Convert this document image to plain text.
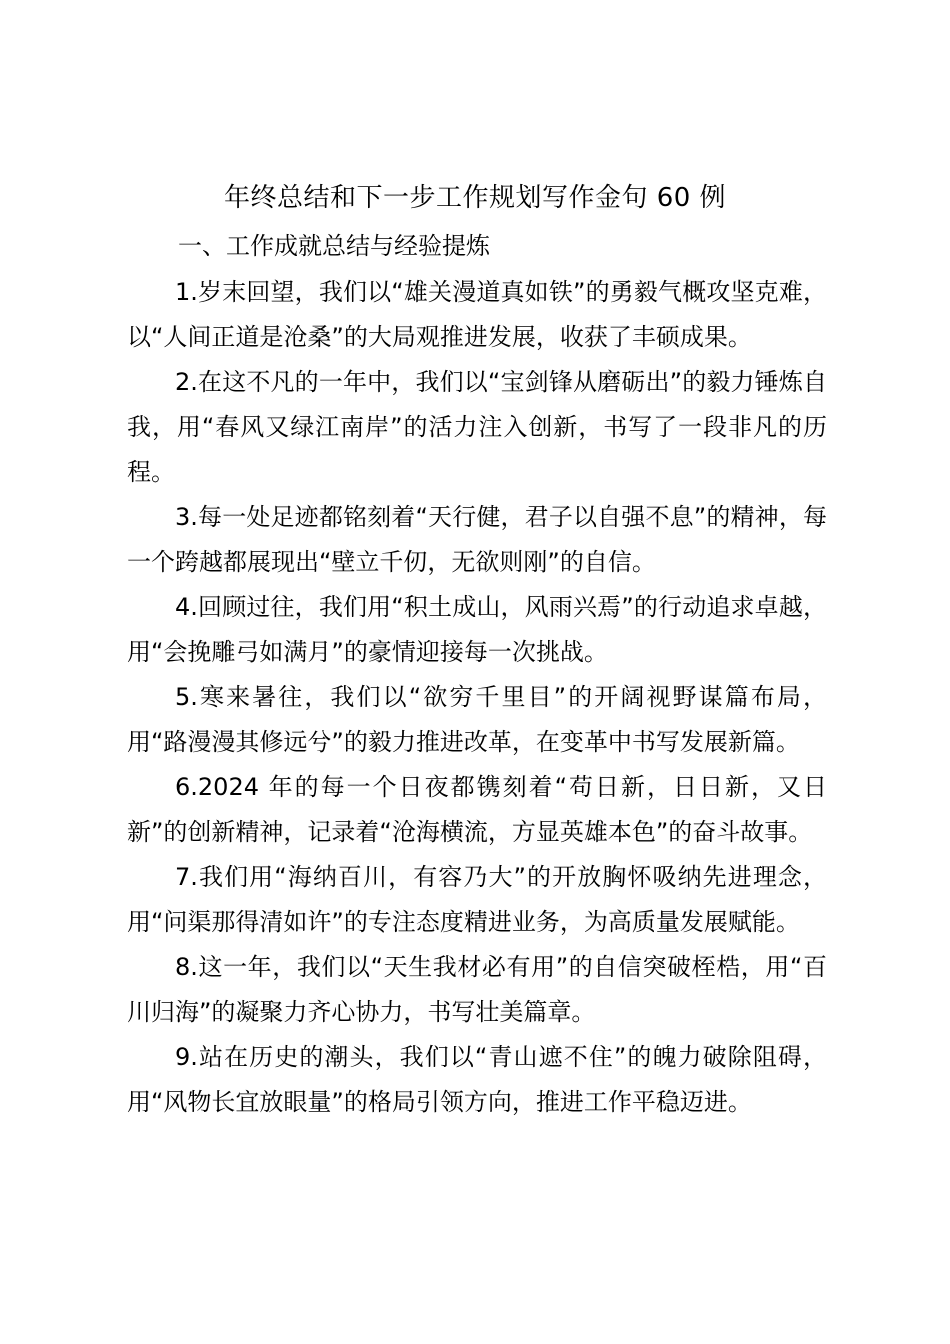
年终总结和下一步工作规划写作金句 60 例
一、工作成就总结与经验提炼

1.岁末回望，我们以“雄关漫道真如铁”的勇毅气概攻坚克难，以“人间正道是沧桑”的大局观推进发展，收获了丰硕成果。

2.在这不凡的一年中，我们以“宝剑锋从磨砺出”的毅力锤炼自我，用“春风又绿江南岸”的活力注入创新，书写了一段非凡的历程。

3.每一处足迹都铭刻着“天行健，君子以自强不息”的精神，每一个跨越都展现出“壁立千仞，无欲则刚”的自信。

4.回顾过往，我们用“积土成山，风雨兴焉”的行动追求卓越，用“会挽雕弓如满月”的豪情迎接每一次挑战。

5.寒来暑往，我们以“欲穷千里目”的开阔视野谋篇布局，用“路漫漫其修远兮”的毅力推进改革，在变革中书写发展新篇。

6.2024 年的每一个日夜都镌刻着“苟日新，日日新，又日新”的创新精神，记录着“沧海横流，方显英雄本色”的奋斗故事。

7.我们用“海纳百川，有容乃大”的开放胸怀吸纳先进理念，用“问渠那得清如许”的专注态度精进业务，为高质量发展赋能。

8.这一年，我们以“天生我材必有用”的自信突破桎梏，用“百川归海”的凝聚力齐心协力，书写壮美篇章。

9.站在历史的潮头，我们以“青山遮不住”的魄力破除阻碍，用“风物长宜放眼量”的格局引领方向，推进工作平稳迈进。
